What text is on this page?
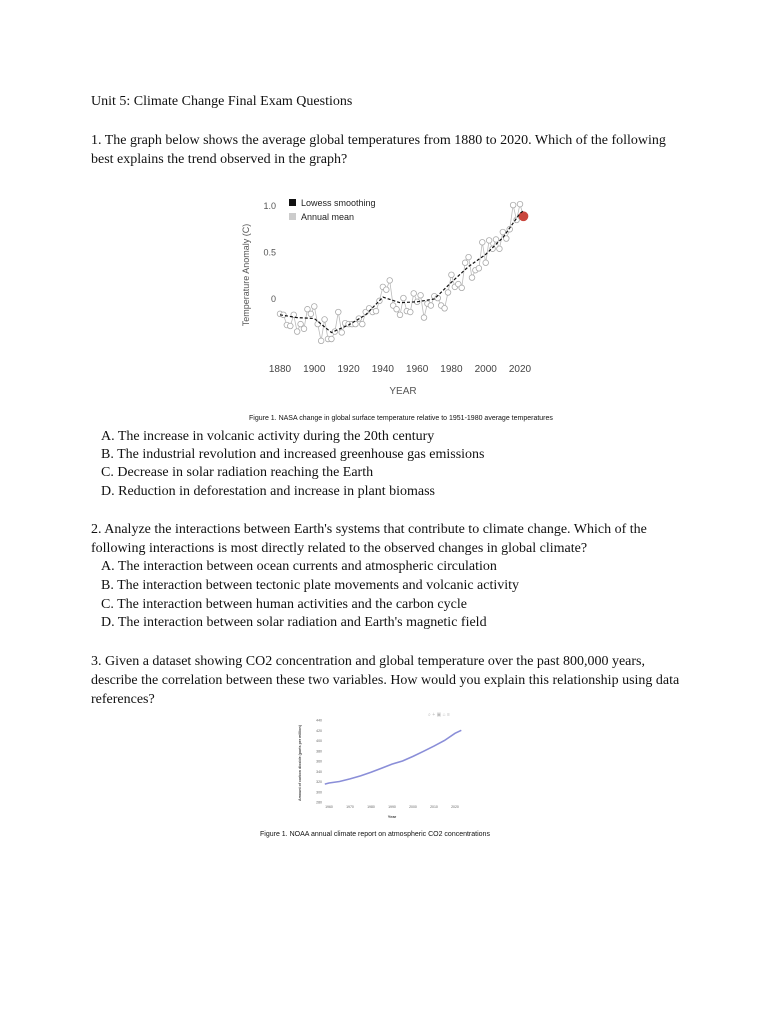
Unit 5: Climate Change Final Exam Questions
1. The graph below shows the average global temperatures from 1880 to 2020. Which of the following best explains the trend observed in the graph?
1.0
0.5
0
1880 1900 1920 1940 1960 1980 2000 2020
YEAR
Temperature Anomaly (C)
Lowess smoothing
Annual mean
Figure 1. NASA change in global surface temperature relative to 1951-1980 average temperatures
A. The increase in volcanic activity during the 20th century
B. The industrial revolution and increased greenhouse gas emissions
C. Decrease in solar radiation reaching the Earth
D. Reduction in deforestation and increase in plant biomass
2. Analyze the interactions between Earth's systems that contribute to climate change. Which of the following interactions is most directly related to the observed changes in global climate?
A. The interaction between ocean currents and atmospheric circulation
B. The interaction between tectonic plate movements and volcanic activity
C. The interaction between human activities and the carbon cycle
D. The interaction between solar radiation and Earth's magnetic field
3. Given a dataset showing CO2 concentration and global temperature over the past 800,000 years, describe the correlation between these two variables. How would you explain this relationship using data references?
440
420
400
380
360
340
320
300
280
1960	1970	1980	1990	2000	2010	2020
Year
Amount of carbon dioxide (parts per million)
⌕ + ▣ ⌂ ≡
Figure 1. NOAA annual climate report on atmospheric CO2 concentrations
